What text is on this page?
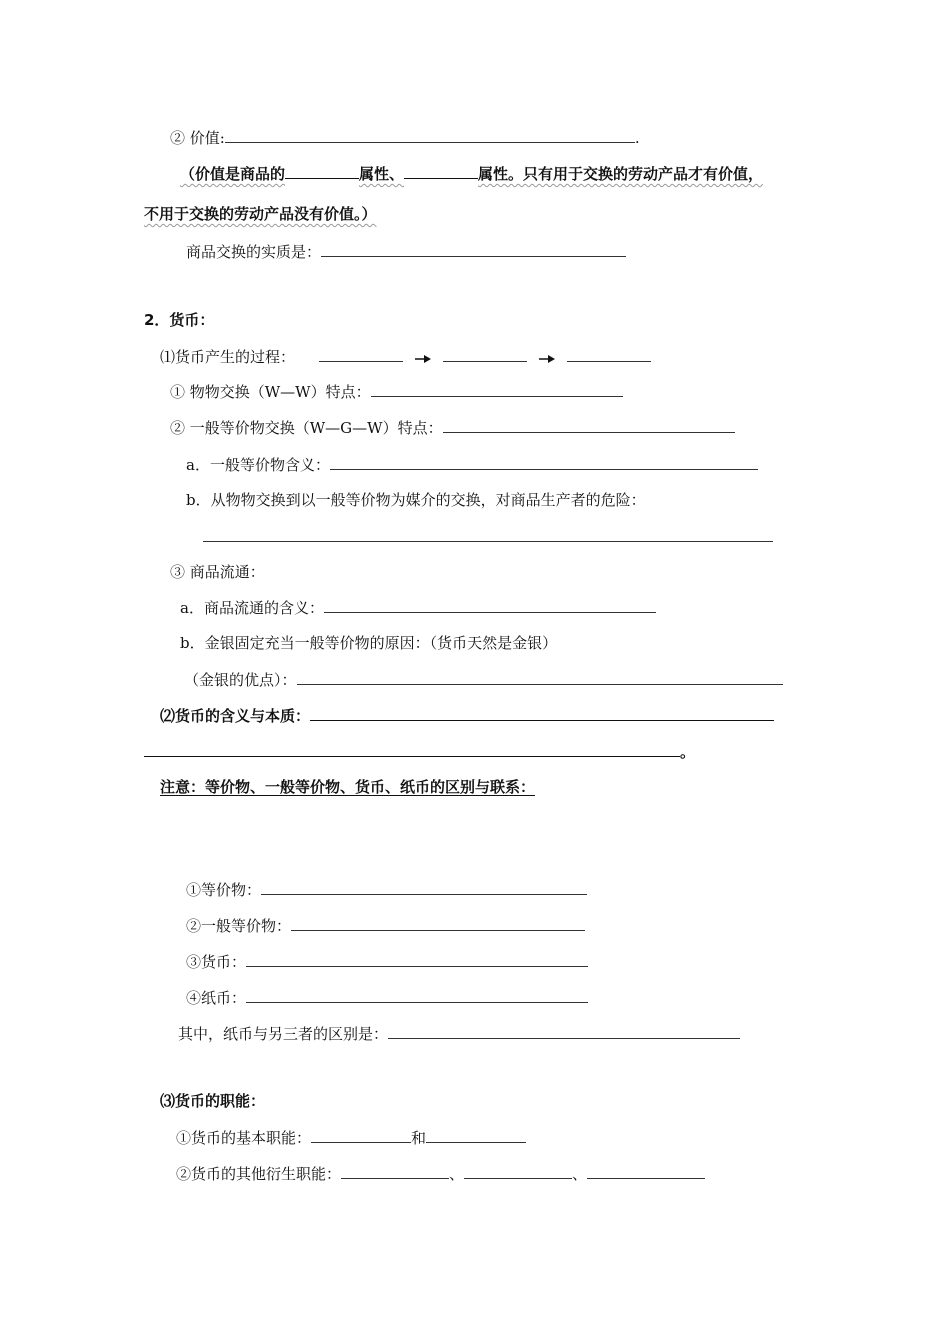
② 价值:	.
（价值是商品的	属性、	属性。只有用于交换的劳动产品才有价值，
不用于交换的劳动产品没有价值。）
商品交换的实质是：
2．货币：
⑴货币产生的过程：
① 物物交换（W—W）特点：
② 一般等价物交换（W—G—W）特点：
a．一般等价物含义：
b．从物物交换到以一般等价物为媒介的交换，对商品生产者的危险：
③ 商品流通：
a．商品流通的含义：
b．金银固定充当一般等价物的原因：（货币天然是金银）
（金银的优点）：
⑵货币的含义与本质：
。
注意：等价物、一般等价物、货币、纸币的区别与联系：
①等价物：
②一般等价物：
③货币：
④纸币：
其中，纸币与另三者的区别是：
⑶货币的职能：
①货币的基本职能：	和
②货币的其他衍生职能：	、	、
